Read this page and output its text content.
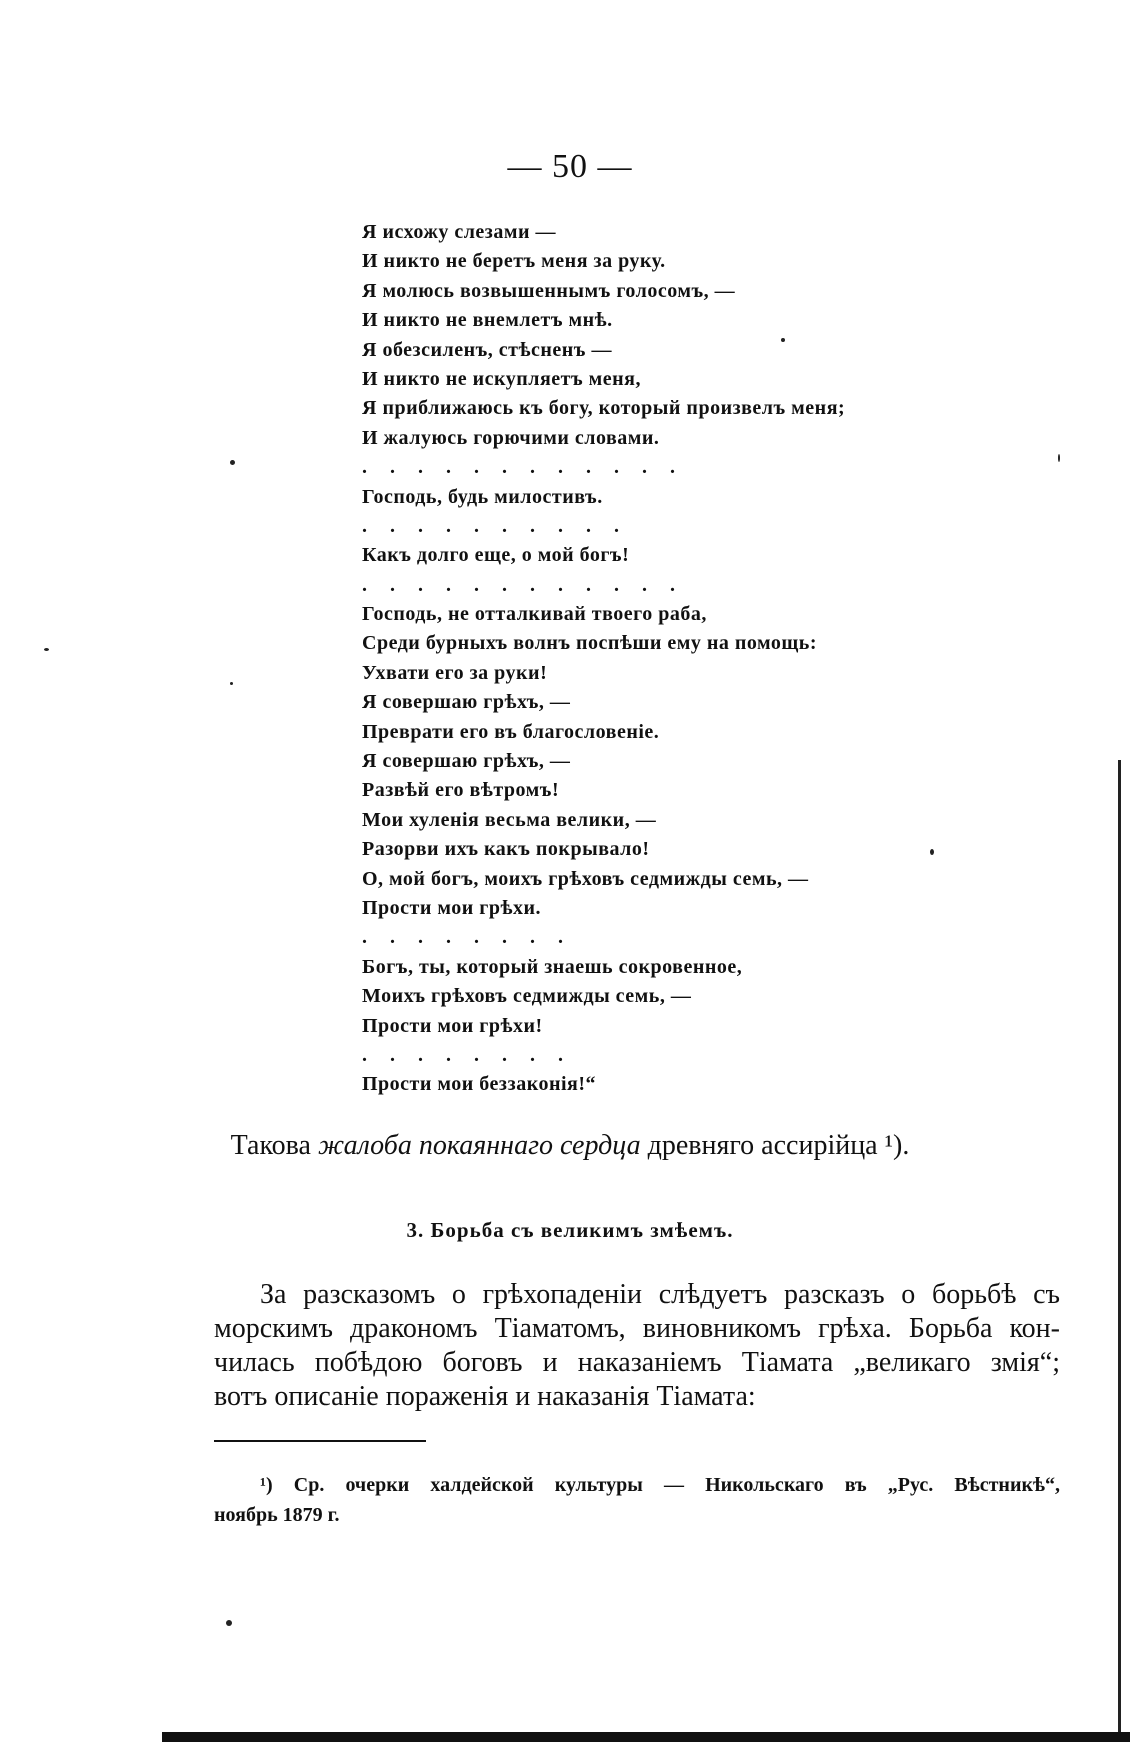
— 50 —
Я исхожу слезами —
И никто не беретъ меня за руку.
Я молюсь возвышеннымъ голосомъ, —
И никто не внемлетъ мнѣ.
Я обезсиленъ, стѣсненъ —
И никто не искупляетъ меня,
Я приближаюсь къ богу, который произвелъ меня;
И жалуюсь горючими словами.
. . . . . . . . . . . .
Господь, будь милостивъ.
. . . . . . . . . .
Какъ долго еще, о мой богъ!
. . . . . . . . . . . .
Господь, не отталкивай твоего раба,
Среди бурныхъ волнъ поспѣши ему на помощь:
Ухвати его за руки!
Я совершаю грѣхъ, —
Преврати его въ благословеніе.
Я совершаю грѣхъ, —
Развѣй его вѣтромъ!
Мои хуленія весьма велики, —
Разорви ихъ какъ покрывало!
О, мой богъ, моихъ грѣховъ седмижды семь, —
Прости мои грѣхи.
. . . . . . . .
Богъ, ты, который знаешь сокровенное,
Моихъ грѣховъ седмижды семь, —
Прости мои грѣхи!
. . . . . . . .
Прости мои беззаконія!“
Такова жалоба покаяннаго сердца древняго ассирійца ¹).
3. Борьба съ великимъ змѣемъ.
За разсказомъ о грѣхопаденіи слѣдуетъ разсказъ о борьбѣ съ
морскимъ дракономъ Тіаматомъ, виновникомъ грѣха. Борьба кон-
чилась побѣдою боговъ и наказаніемъ Тіамата „великаго змія“;
вотъ описаніе пораженія и наказанія Тіамата:
¹) Ср. очерки халдейской культуры — Никольскаго въ „Рус. Вѣстникѣ“,
ноябрь 1879 г.
